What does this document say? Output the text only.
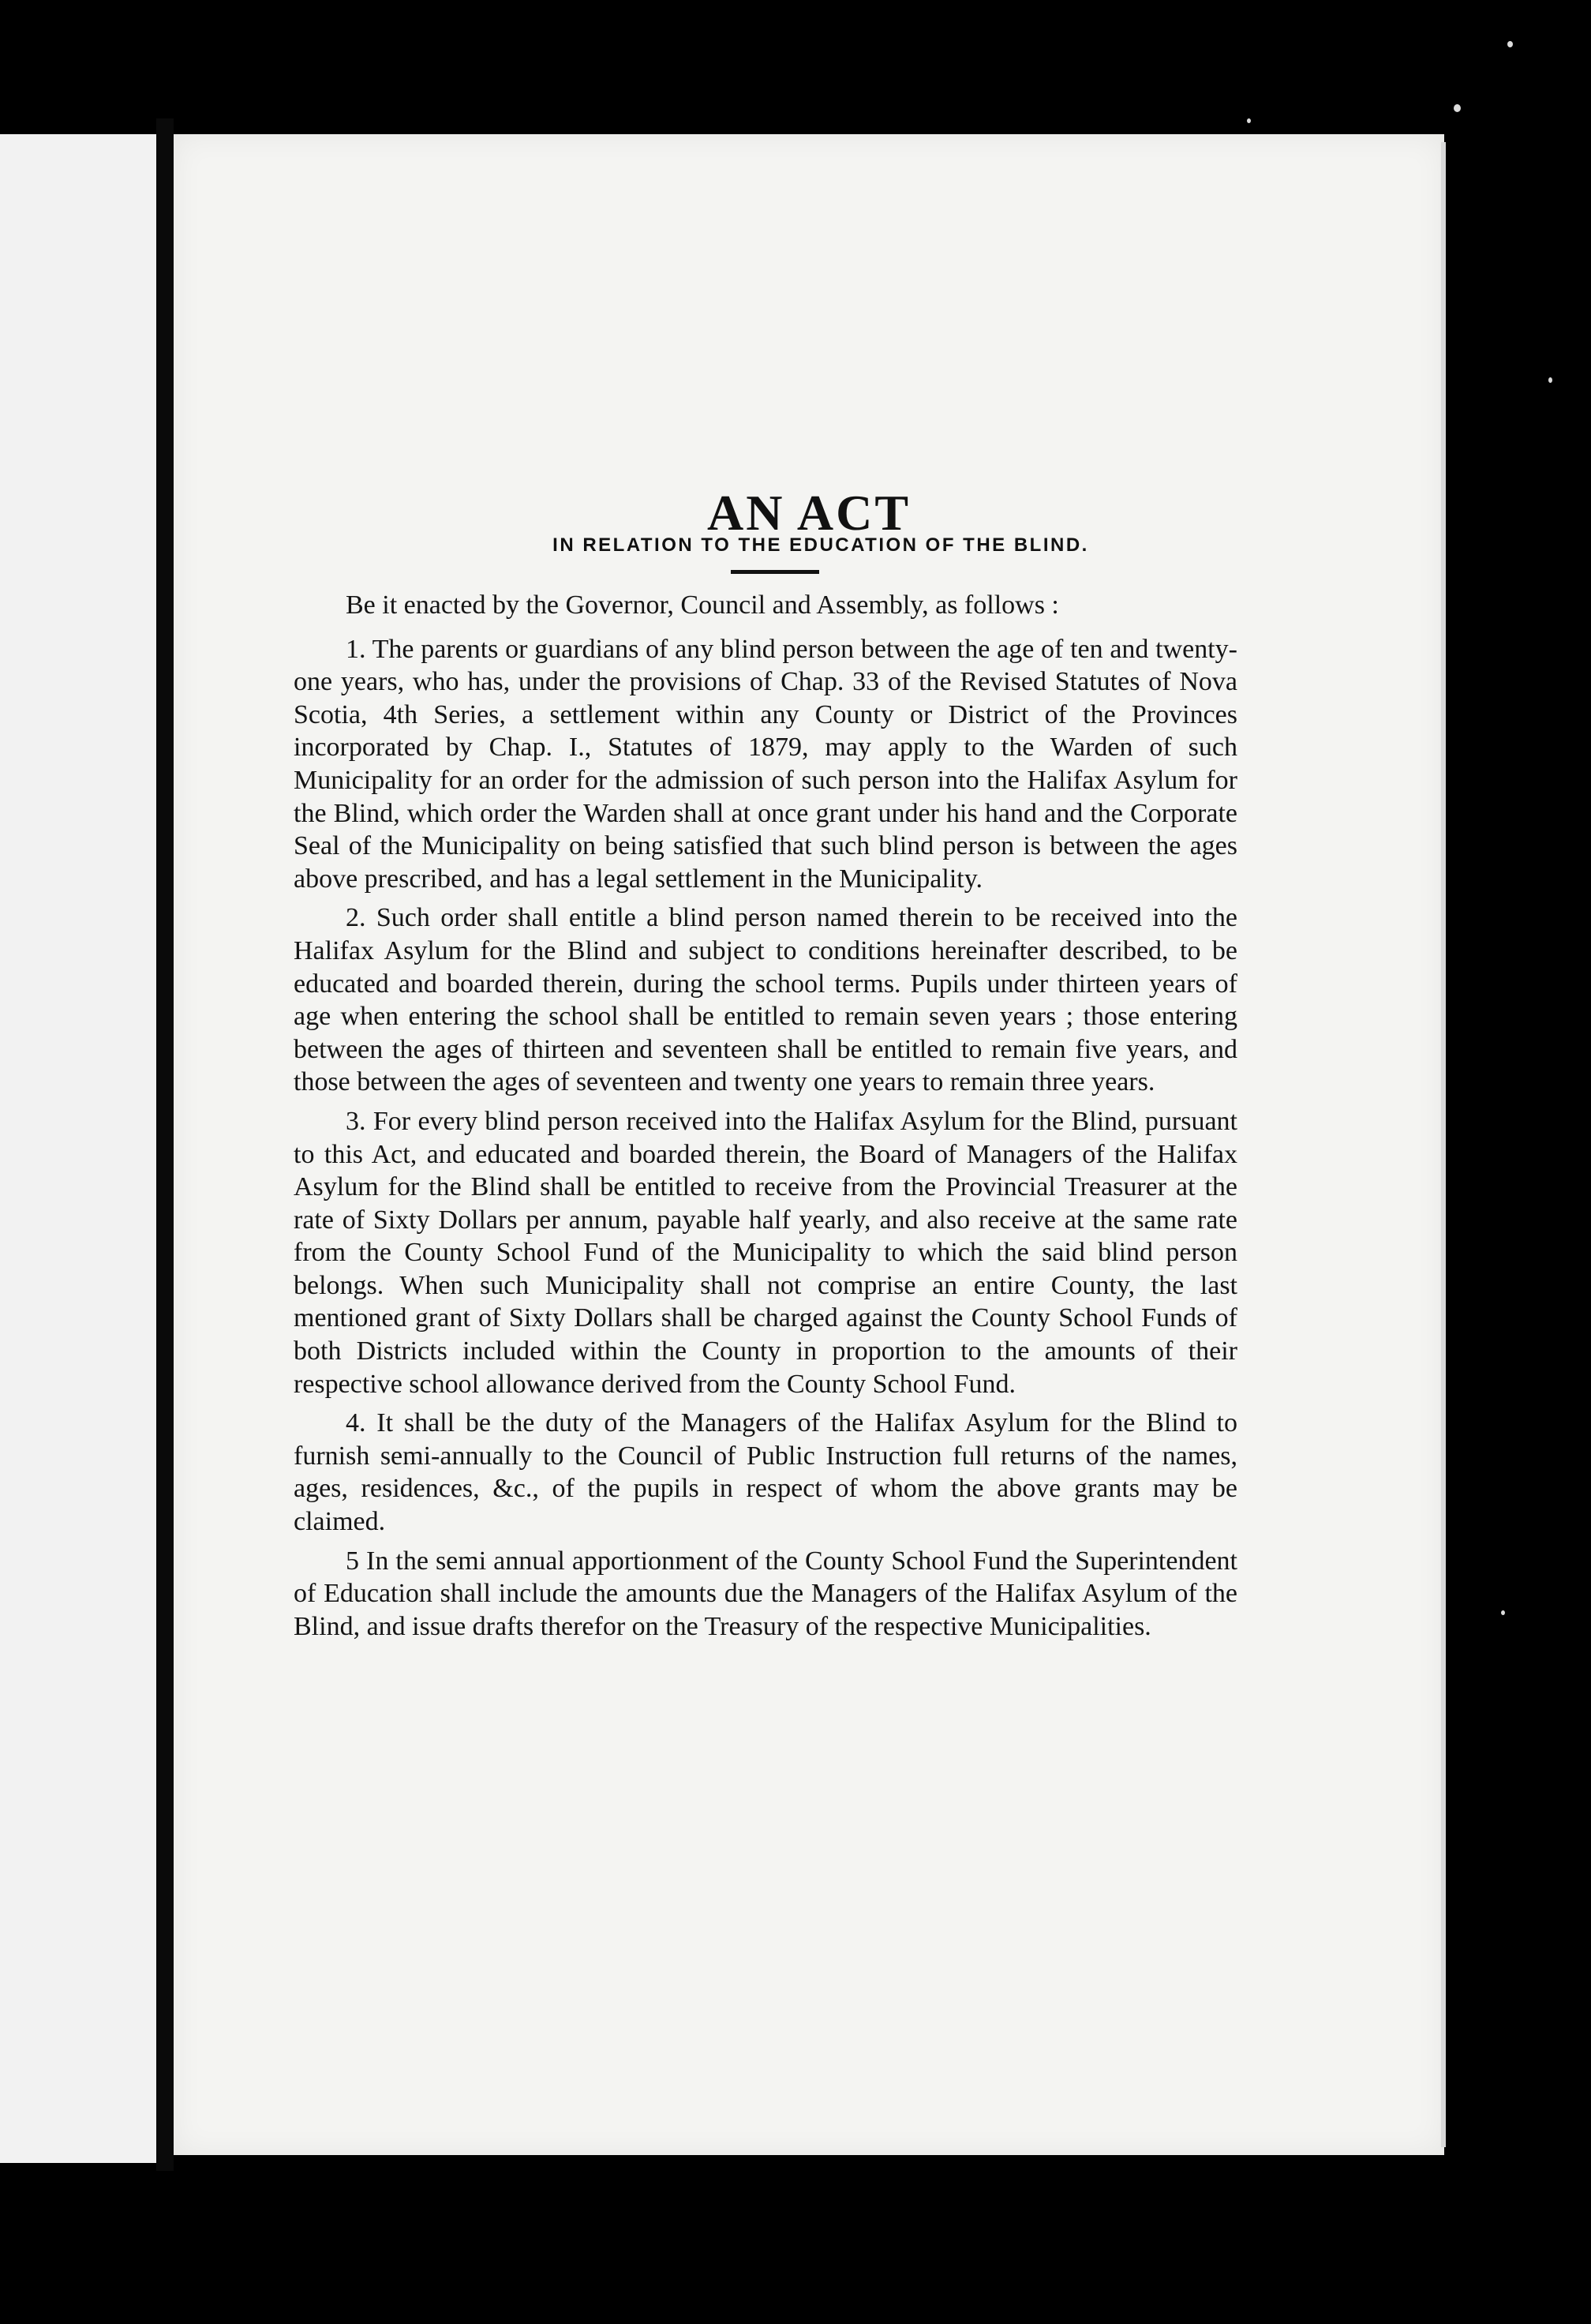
AN ACT
IN RELATION TO THE EDUCATION OF THE BLIND.

Be it enacted by the Governor, Council and Assembly, as follows :

1. The parents or guardians of any blind person between the age of ten and twenty-one years, who has, under the provisions of Chap. 33 of the Revised Statutes of Nova Scotia, 4th Series, a settlement within any County or District of the Provinces incorporated by Chap. I., Statutes of 1879, may apply to the Warden of such Municipality for an order for the admission of such person into the Halifax Asylum for the Blind, which order the Warden shall at once grant under his hand and the Corporate Seal of the Municipality on being satisfied that such blind person is between the ages above prescribed, and has a legal settlement in the Municipality.

2. Such order shall entitle a blind person named therein to be received into the Halifax Asylum for the Blind and subject to conditions hereinafter described, to be educated and boarded therein, during the school terms. Pupils under thirteen years of age when entering the school shall be entitled to remain seven years ; those entering between the ages of thirteen and seventeen shall be entitled to remain five years, and those between the ages of seventeen and twenty one years to remain three years.

3. For every blind person received into the Halifax Asylum for the Blind, pursuant to this Act, and educated and boarded therein, the Board of Managers of the Halifax Asylum for the Blind shall be entitled to receive from the Provincial Treasurer at the rate of Sixty Dollars per annum, payable half yearly, and also receive at the same rate from the County School Fund of the Municipality to which the said blind person belongs. When such Municipality shall not comprise an entire County, the last mentioned grant of Sixty Dollars shall be charged against the County School Funds of both Districts included within the County in proportion to the amounts of their respective school allowance derived from the County School Fund.

4. It shall be the duty of the Managers of the Halifax Asylum for the Blind to furnish semi-annually to the Council of Public Instruction full returns of the names, ages, residences, &c., of the pupils in respect of whom the above grants may be claimed.

5 In the semi annual apportionment of the County School Fund the Superintendent of Education shall include the amounts due the Managers of the Halifax Asylum of the Blind, and issue drafts therefor on the Treasury of the respective Municipalities.
